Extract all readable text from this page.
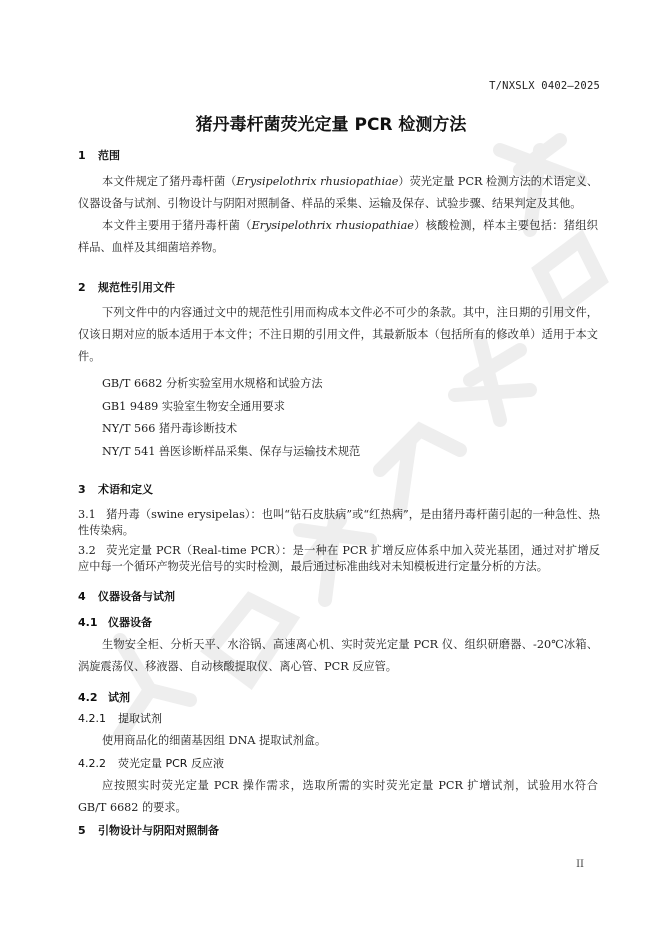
T/NXSLX 0402—2025
猪丹毒杆菌荧光定量 PCR 检测方法
1 范围
本文件规定了猪丹毒杆菌（Erysipelothrix rhusiopathiae）荧光定量 PCR 检测方法的术语定义、仪器设备与试剂、引物设计与阴阳对照制备、样品的采集、运输及保存、试验步骤、结果判定及其他。
本文件主要用于猪丹毒杆菌（Erysipelothrix rhusiopathiae）核酸检测，样本主要包括：猪组织样品、血样及其细菌培养物。
2 规范性引用文件
下列文件中的内容通过文中的规范性引用而构成本文件必不可少的条款。其中，注日期的引用文件，仅该日期对应的版本适用于本文件；不注日期的引用文件，其最新版本（包括所有的修改单）适用于本文件。
GB/T 6682 分析实验室用水规格和试验方法
GB1 9489 实验室生物安全通用要求
NY/T 566 猪丹毒诊断技术
NY/T 541 兽医诊断样品采集、保存与运输技术规范
3 术语和定义
3.1 猪丹毒（swine erysipelas）：也叫“钻石皮肤病”或“红热病”，是由猪丹毒杆菌引起的一种急性、热性传染病。
3.2 荧光定量 PCR（Real-time PCR）：是一种在 PCR 扩增反应体系中加入荧光基团，通过对扩增反应中每一个循环产物荧光信号的实时检测，最后通过标准曲线对未知模板进行定量分析的方法。
4 仪器设备与试剂
4.1 仪器设备
生物安全柜、分析天平、水浴锅、高速离心机、实时荧光定量 PCR 仪、组织研磨器、-20℃冰箱、涡旋震荡仪、移液器、自动核酸提取仪、离心管、PCR 反应管。
4.2 试剂
4.2.1 提取试剂
使用商品化的细菌基因组 DNA 提取试剂盒。
4.2.2 荧光定量 PCR 反应液
应按照实时荧光定量 PCR 操作需求，选取所需的实时荧光定量 PCR 扩增试剂，试验用水符合 GB/T 6682 的要求。
5 引物设计与阴阳对照制备
II
